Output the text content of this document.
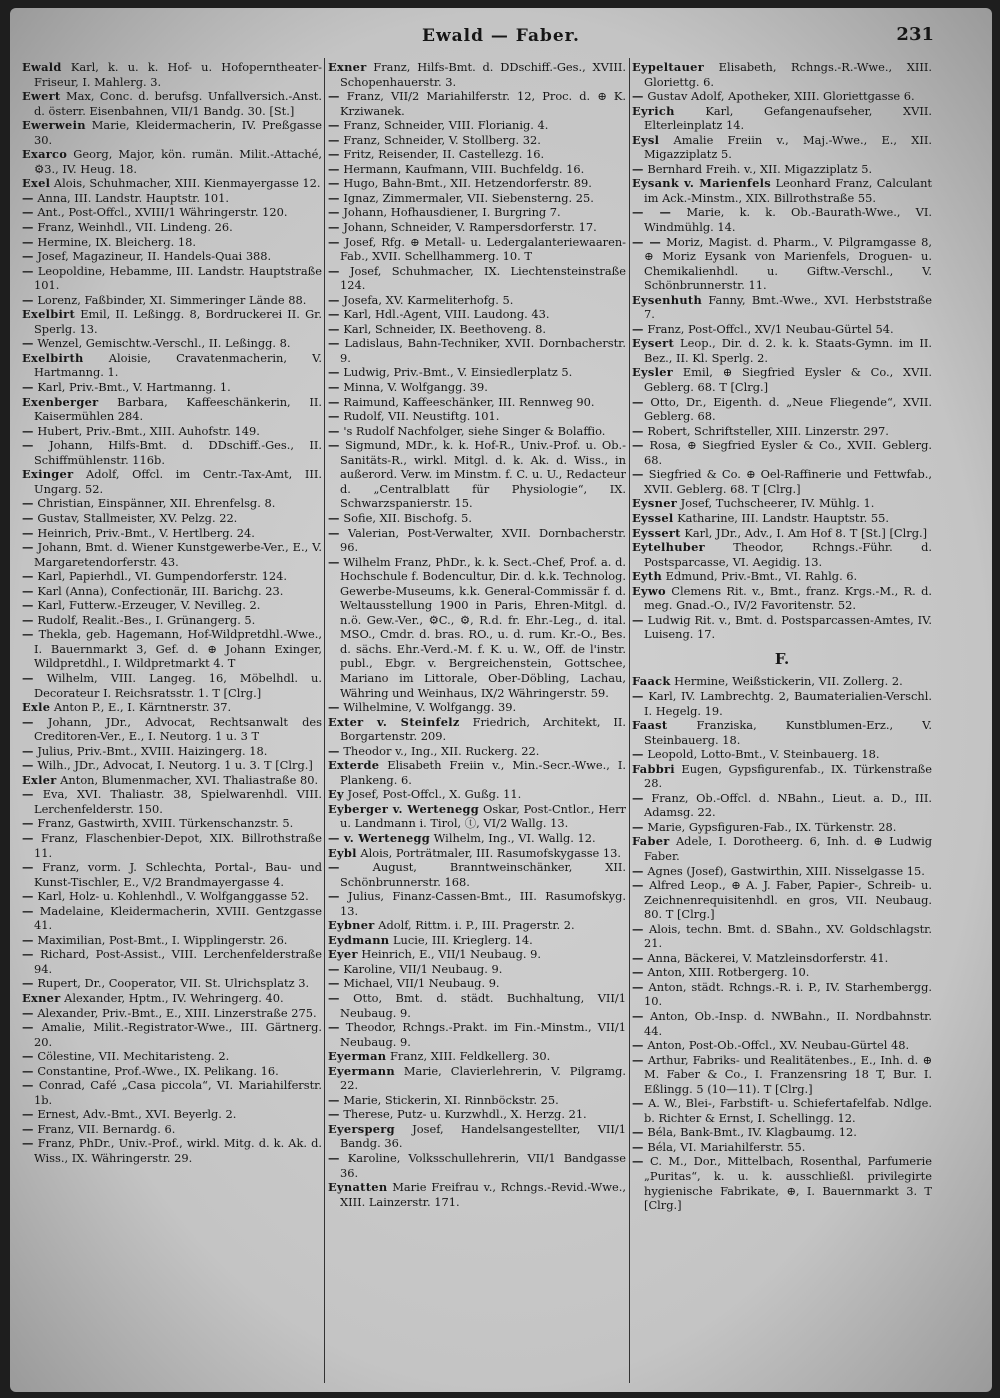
Ewald — Faber.	231

Ewald Karl, k. u. k. Hof- u. Hofoperntheater-Friseur, I. Mahlerg. 3.

Ewert Max, Conc. d. berufsg. Unfallversich.-Anst. d. österr. Eisenbahnen, VII/1 Bandg. 30. [St.]

Ewerwein Marie, Kleidermacherin, IV. Preßgasse 30.

Exarco Georg, Major, kön. rumän. Milit.-Attaché, ⚙3., IV. Heug. 18.

Exel Alois, Schuhmacher, XIII. Kienmayergasse 12.

— Anna, III. Landstr. Hauptstr. 101.

— Ant., Post-Offcl., XVIII/1 Währingerstr. 120.

— Franz, Weinhdl., VII. Lindeng. 26.

— Hermine, IX. Bleicherg. 18.

— Josef, Magazineur, II. Handels-Quai 388.

— Leopoldine, Hebamme, III. Landstr. Hauptstraße 101.

— Lorenz, Faßbinder, XI. Simmeringer Lände 88.

Exelbirt Emil, II. Leßingg. 8, Bordruckerei II. Gr. Sperlg. 13.

— Wenzel, Gemischtw.-Verschl., II. Leßingg. 8.

Exelbirth Aloisie, Cravatenmacherin, V. Hartmanng. 1.

— Karl, Priv.-Bmt., V. Hartmanng. 1.

Exenberger Barbara, Kaffeeschänkerin, II. Kaisermühlen 284.

— Hubert, Priv.-Bmt., XIII. Auhofstr. 149.

— Johann, Hilfs-Bmt. d. DDschiff.-Ges., II. Schiffmühlenstr. 116b.

Exinger Adolf, Offcl. im Centr.-Tax-Amt, III. Ungarg. 52.

— Christian, Einspänner, XII. Ehrenfelsg. 8.

— Gustav, Stallmeister, XV. Pelzg. 22.

— Heinrich, Priv.-Bmt., V. Hertlberg. 24.

— Johann, Bmt. d. Wiener Kunstgewerbe-Ver., E., V. Margaretendorferstr. 43.

— Karl, Papierhdl., VI. Gumpendorferstr. 124.

— Karl (Anna), Confectionär, III. Barichg. 23.

— Karl, Futterw.-Erzeuger, V. Nevilleg. 2.

— Rudolf, Realit.-Bes., I. Grünangerg. 5.

— Thekla, geb. Hagemann, Hof-Wildpretdhl.-Wwe., I. Bauernmarkt 3, Gef. d. ⊕ Johann Exinger, Wildpretdhl., I. Wildpretmarkt 4. T

— Wilhelm, VIII. Langeg. 16, Möbelhdl. u. Decorateur I. Reichsratsstr. 1. T [Clrg.]

Exle Anton P., E., I. Kärntnerstr. 37.

— Johann, JDr., Advocat, Rechtsanwalt des Creditoren-Ver., E., I. Neutorg. 1 u. 3 T

— Julius, Priv.-Bmt., XVIII. Haizingerg. 18.

— Wilh., JDr., Advocat, I. Neutorg. 1 u. 3. T [Clrg.]

Exler Anton, Blumenmacher, XVI. Thaliastraße 80.

— Eva, XVI. Thaliastr. 38, Spielwarenhdl. VIII. Lerchenfelderstr. 150.

— Franz, Gastwirth, XVIII. Türkenschanzstr. 5.

— Franz, Flaschenbier-Depot, XIX. Billrothstraße 11.

— Franz, vorm. J. Schlechta, Portal-, Bau- und Kunst-Tischler, E., V/2 Brandmayergasse 4.

— Karl, Holz- u. Kohlenhdl., V. Wolfganggasse 52.

— Madelaine, Kleidermacherin, XVIII. Gentzgasse 41.

— Maximilian, Post-Bmt., I. Wipplingerstr. 26.

— Richard, Post-Assist., VIII. Lerchenfelderstraße 94.

— Rupert, Dr., Cooperator, VII. St. Ulrichsplatz 3.

Exner Alexander, Hptm., IV. Wehringerg. 40.

— Alexander, Priv.-Bmt., E., XIII. Linzerstraße 275.

— Amalie, Milit.-Registrator-Wwe., III. Gärtnerg. 20.

— Cölestine, VII. Mechitaristeng. 2.

— Constantine, Prof.-Wwe., IX. Pelikang. 16.

— Conrad, Café „Casa piccola“, VI. Mariahilferstr. 1b.

— Ernest, Adv.-Bmt., XVI. Beyerlg. 2.

— Franz, VII. Bernardg. 6.

— Franz, PhDr., Univ.-Prof., wirkl. Mitg. d. k. Ak. d. Wiss., IX. Währingerstr. 29.

Exner Franz, Hilfs-Bmt. d. DDschiff.-Ges., XVIII. Schopenhauerstr. 3.

— Franz, VII/2 Mariahilferstr. 12, Proc. d. ⊕ K. Krziwanek.

— Franz, Schneider, VIII. Florianig. 4.

— Franz, Schneider, V. Stollberg. 32.

— Fritz, Reisender, II. Castellezg. 16.

— Hermann, Kaufmann, VIII. Buchfeldg. 16.

— Hugo, Bahn-Bmt., XII. Hetzendorferstr. 89.

— Ignaz, Zimmermaler, VII. Siebensterng. 25.

— Johann, Hofhausdiener, I. Burgring 7.

— Johann, Schneider, V. Rampersdorferstr. 17.

— Josef, Rfg. ⊕ Metall- u. Ledergalanteriewaaren-Fab., XVII. Schellhammerg. 10. T

— Josef, Schuhmacher, IX. Liechtensteinstraße 124.

— Josefa, XV. Karmeliterhofg. 5.

— Karl, Hdl.-Agent, VIII. Laudong. 43.

— Karl, Schneider, IX. Beethoveng. 8.

— Ladislaus, Bahn-Techniker, XVII. Dornbacherstr. 9.

— Ludwig, Priv.-Bmt., V. Einsiedlerplatz 5.

— Minna, V. Wolfgangg. 39.

— Raimund, Kaffeeschänker, III. Rennweg 90.

— Rudolf, VII. Neustiftg. 101.

— 's Rudolf Nachfolger, siehe Singer & Bolaffio.

— Sigmund, MDr., k. k. Hof-R., Univ.-Prof. u. Ob.-Sanitäts-R., wirkl. Mitgl. d. k. Ak. d. Wiss., in außerord. Verw. im Minstm. f. C. u. U., Redacteur d. „Centralblatt für Physiologie“, IX. Schwarzspanierstr. 15.

— Sofie, XII. Bischofg. 5.

— Valerian, Post-Verwalter, XVII. Dornbacherstr. 96.

— Wilhelm Franz, PhDr., k. k. Sect.-Chef, Prof. a. d. Hochschule f. Bodencultur, Dir. d. k.k. Technolog. Gewerbe-Museums, k.k. General-Commissär f. d. Weltausstellung 1900 in Paris, Ehren-Mitgl. d. n.ö. Gew.-Ver., ⚙C., ⚙, R.d. fr. Ehr.-Leg., d. ital. MSO., Cmdr. d. bras. RO., u. d. rum. Kr.-O., Bes. d. sächs. Ehr.-Verd.-M. f. K. u. W., Off. de l'instr. publ., Ebgr. v. Bergreichenstein, Gottschee, Mariano im Littorale, Ober-Döbling, Lachau, Währing und Weinhaus, IX/2 Währingerstr. 59.

— Wilhelmine, V. Wolfgangg. 39.

Exter v. Steinfelz Friedrich, Architekt, II. Borgartenstr. 209.

— Theodor v., Ing., XII. Ruckerg. 22.

Exterde Elisabeth Freiin v., Min.-Secr.-Wwe., I. Plankeng. 6.

Ey Josef, Post-Offcl., X. Gußg. 11.

Eyberger v. Wertenegg Oskar, Post-Cntlor., Herr u. Landmann i. Tirol, ⓣ, VI/2 Wallg. 13.

— v. Wertenegg Wilhelm, Ing., VI. Wallg. 12.

Eybl Alois, Porträtmaler, III. Rasumofskygasse 13.

— August, Branntweinschänker, XII. Schönbrunnerstr. 168.

— Julius, Finanz-Cassen-Bmt., III. Rasumofskyg. 13.

Eybner Adolf, Rittm. i. P., III. Pragerstr. 2.

Eydmann Lucie, III. Krieglerg. 14.

Eyer Heinrich, E., VII/1 Neubaug. 9.

— Karoline, VII/1 Neubaug. 9.

— Michael, VII/1 Neubaug. 9.

— Otto, Bmt. d. städt. Buchhaltung, VII/1 Neubaug. 9.

— Theodor, Rchngs.-Prakt. im Fin.-Minstm., VII/1 Neubaug. 9.

Eyerman Franz, XIII. Feldkellerg. 30.

Eyermann Marie, Clavierlehrerin, V. Pilgramg. 22.

— Marie, Stickerin, XI. Rinnböckstr. 25.

— Therese, Putz- u. Kurzwhdl., X. Herzg. 21.

Eyersperg Josef, Handelsangestellter, VII/1 Bandg. 36.

— Karoline, Volksschullehrerin, VII/1 Bandgasse 36.

Eynatten Marie Freifrau v., Rchngs.-Revid.-Wwe., XIII. Lainzerstr. 171.

Eypeltauer Elisabeth, Rchngs.-R.-Wwe., XIII. Gloriettg. 6.

— Gustav Adolf, Apotheker, XIII. Gloriettgasse 6.

Eyrich Karl, Gefangenaufseher, XVII. Elterleinplatz 14.

Eysl Amalie Freiin v., Maj.-Wwe., E., XII. Migazziplatz 5.

— Bernhard Freih. v., XII. Migazziplatz 5.

Eysank v. Marienfels Leonhard Franz, Calculant im Ack.-Minstm., XIX. Billrothstraße 55.

— — Marie, k. k. Ob.-Baurath-Wwe., VI. Windmühlg. 14.

— — Moriz, Magist. d. Pharm., V. Pilgramgasse 8, ⊕ Moriz Eysank von Marienfels, Droguen- u. Chemikalienhdl. u. Giftw.-Verschl., V. Schönbrunnerstr. 11.

Eysenhuth Fanny, Bmt.-Wwe., XVI. Herbststraße 7.

— Franz, Post-Offcl., XV/1 Neubau-Gürtel 54.

Eysert Leop., Dir. d. 2. k. k. Staats-Gymn. im II. Bez., II. Kl. Sperlg. 2.

Eysler Emil, ⊕ Siegfried Eysler & Co., XVII. Geblerg. 68. T [Clrg.]

— Otto, Dr., Eigenth. d. „Neue Fliegende“, XVII. Geblerg. 68.

— Robert, Schriftsteller, XIII. Linzerstr. 297.

— Rosa, ⊕ Siegfried Eysler & Co., XVII. Geblerg. 68.

— Siegfried & Co. ⊕ Oel-Raffinerie und Fettwfab., XVII. Geblerg. 68. T [Clrg.]

Eysner Josef, Tuchscheerer, IV. Mühlg. 1.

Eyssel Katharine, III. Landstr. Hauptstr. 55.

Eyssert Karl, JDr., Adv., I. Am Hof 8. T [St.] [Clrg.]

Eytelhuber Theodor, Rchngs.-Führ. d. Postsparcasse, VI. Aegidig. 13.

Eyth Edmund, Priv.-Bmt., VI. Rahlg. 6.

Eywo Clemens Rit. v., Bmt., franz. Krgs.-M., R. d. meg. Gnad.-O., IV/2 Favoritenstr. 52.

— Ludwig Rit. v., Bmt. d. Postsparcassen-Amtes, IV. Luiseng. 17.

F.

Faack Hermine, Weißstickerin, VII. Zollerg. 2.

— Karl, IV. Lambrechtg. 2, Baumaterialien-Verschl. I. Hegelg. 19.

Faast Franziska, Kunstblumen-Erz., V. Steinbauerg. 18.

— Leopold, Lotto-Bmt., V. Steinbauerg. 18.

Fabbri Eugen, Gypsfigurenfab., IX. Türkenstraße 28.

— Franz, Ob.-Offcl. d. NBahn., Lieut. a. D., III. Adamsg. 22.

— Marie, Gypsfiguren-Fab., IX. Türkenstr. 28.

Faber Adele, I. Dorotheerg. 6, Inh. d. ⊕ Ludwig Faber.

— Agnes (Josef), Gastwirthin, XIII. Nisselgasse 15.

— Alfred Leop., ⊕ A. J. Faber, Papier-, Schreib- u. Zeichnenrequisitenhdl. en gros, VII. Neubaug. 80. T [Clrg.]

— Alois, techn. Bmt. d. SBahn., XV. Goldschlagstr. 21.

— Anna, Bäckerei, V. Matzleinsdorferstr. 41.

— Anton, XIII. Rotbergerg. 10.

— Anton, städt. Rchngs.-R. i. P., IV. Starhembergg. 10.

— Anton, Ob.-Insp. d. NWBahn., II. Nordbahnstr. 44.

— Anton, Post-Ob.-Offcl., XV. Neubau-Gürtel 48.

— Arthur, Fabriks- und Realitätenbes., E., Inh. d. ⊕ M. Faber & Co., I. Franzensring 18 T, Bur. I. Eßlingg. 5 (10—11). T [Clrg.]

— A. W., Blei-, Farbstift- u. Schiefertafelfab. Ndlge. b. Richter & Ernst, I. Schellingg. 12.

— Béla, Bank-Bmt., IV. Klagbaumg. 12.

— Béla, VI. Mariahilferstr. 55.

— C. M., Dor., Mittelbach, Rosenthal, Parfumerie „Puritas“, k. u. k. ausschließl. privilegirte hygienische Fabrikate, ⊕, I. Bauernmarkt 3. T [Clrg.]
